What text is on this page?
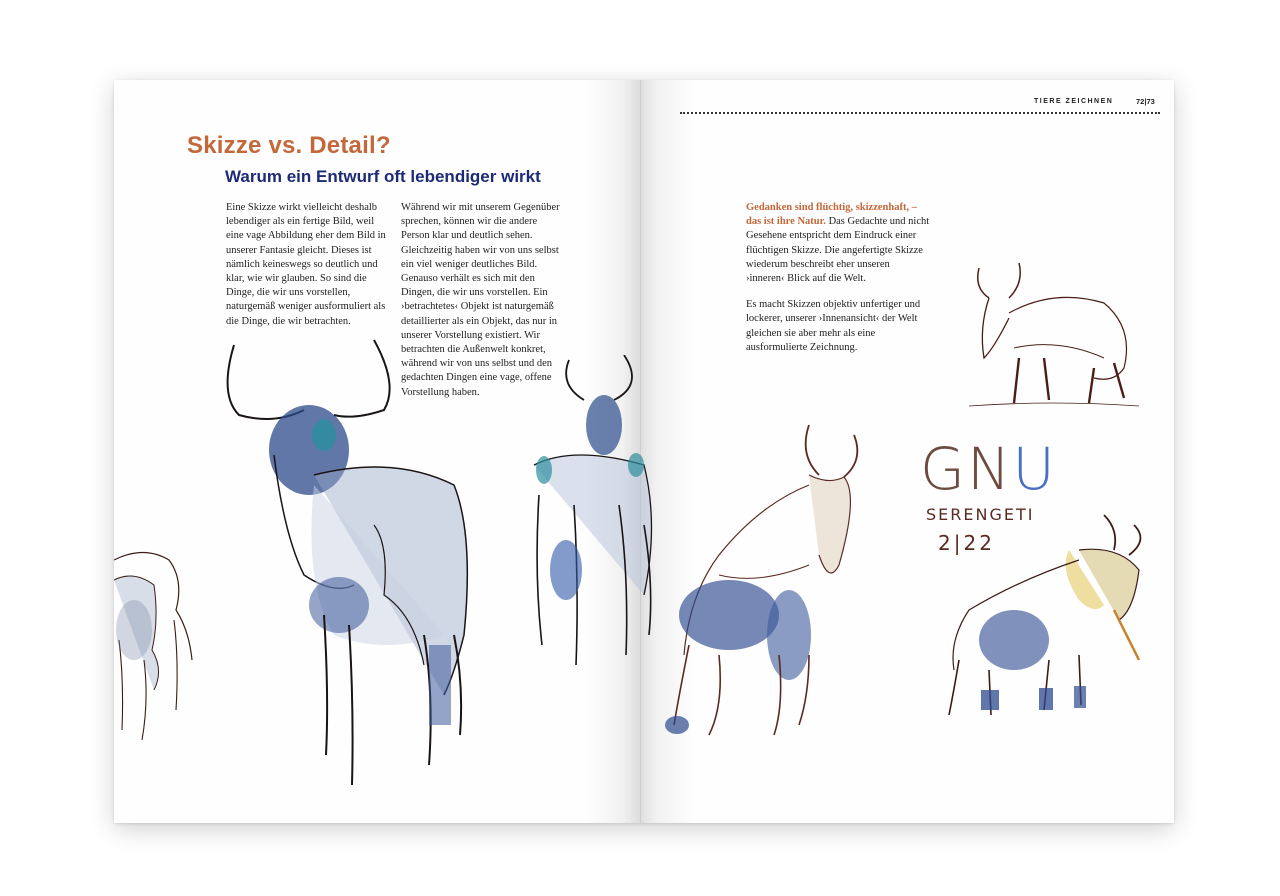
TIERE ZEICHNEN	72|73
Skizze vs. Detail?
Warum ein Entwurf oft lebendiger wirkt
Eine Skizze wirkt vielleicht deshalb lebendiger als ein fertige Bild, weil eine vage Abbildung eher dem Bild in unserer Fantasie gleicht. Dieses ist nämlich keineswegs so deutlich und klar, wie wir glauben. So sind die Dinge, die wir uns vorstellen, naturgemäß weniger ausformuliert als die Dinge, die wir betrachten.
Während wir mit unserem Gegenüber sprechen, können wir die andere Person klar und deutlich sehen. Gleichzeitig haben wir von uns selbst ein viel weniger deutliches Bild. Genauso verhält es sich mit den Dingen, die wir uns vorstellen. Ein ›betrachtetes‹ Objekt ist naturgemäß detaillierter als ein Objekt, das nur in unserer Vorstellung existiert. Wir betrachten die Außenwelt konkret, während wir von uns selbst und den gedachten Dingen eine vage, offene Vorstellung haben.

Gedanken sind flüchtig, skizzenhaft, – das ist ihre Natur. Das Gedachte und nicht Gesehene entspricht dem Eindruck einer flüchtigen Skizze. Die angefertigte Skizze wiederum beschreibt eher unseren ›inneren‹ Blick auf die Welt.

Es macht Skizzen objektiv unfertiger und lockerer, unserer ›Innenansicht‹ der Welt gleichen sie aber mehr als eine ausformulierte Zeichnung.

GNU
SERENGETI
2|22
